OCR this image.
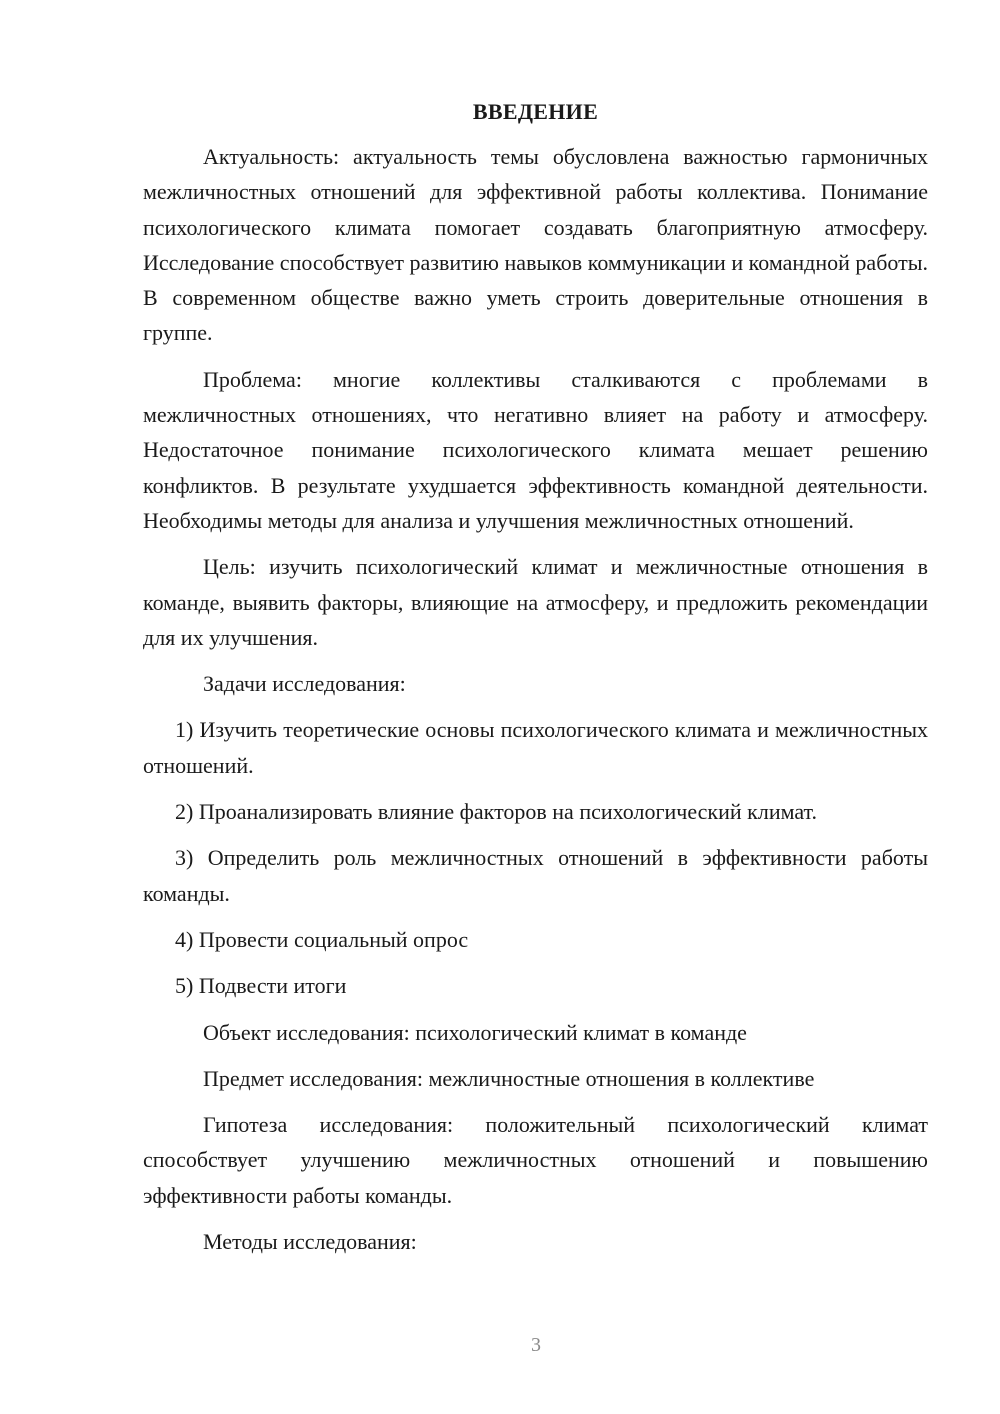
ВВЕДЕНИЕ

Актуальность: актуальность темы обусловлена важностью гармоничных межличностных отношений для эффективной работы коллектива. Понимание психологического климата помогает создавать благоприятную атмосферу. Исследование способствует развитию навыков коммуникации и командной работы. В современном обществе важно уметь строить доверительные отношения в группе.

Проблема: многие коллективы сталкиваются с проблемами в межличностных отношениях, что негативно влияет на работу и атмосферу. Недостаточное понимание психологического климата мешает решению конфликтов. В результате ухудшается эффективность командной деятельности. Необходимы методы для анализа и улучшения межличностных отношений.

Цель: изучить психологический климат и межличностные отношения в команде, выявить факторы, влияющие на атмосферу, и предложить рекомендации для их улучшения.

Задачи исследования:

1) Изучить теоретические основы психологического климата и межличностных отношений.

2) Проанализировать влияние факторов на психологический климат.

3) Определить роль межличностных отношений в эффективности работы команды.

4) Провести социальный опрос

5) Подвести итоги

Объект исследования: психологический климат в команде

Предмет исследования: межличностные отношения в коллективе

Гипотеза исследования: положительный психологический климат способствует улучшению межличностных отношений и повышению эффективности работы команды.

Методы исследования:

3
